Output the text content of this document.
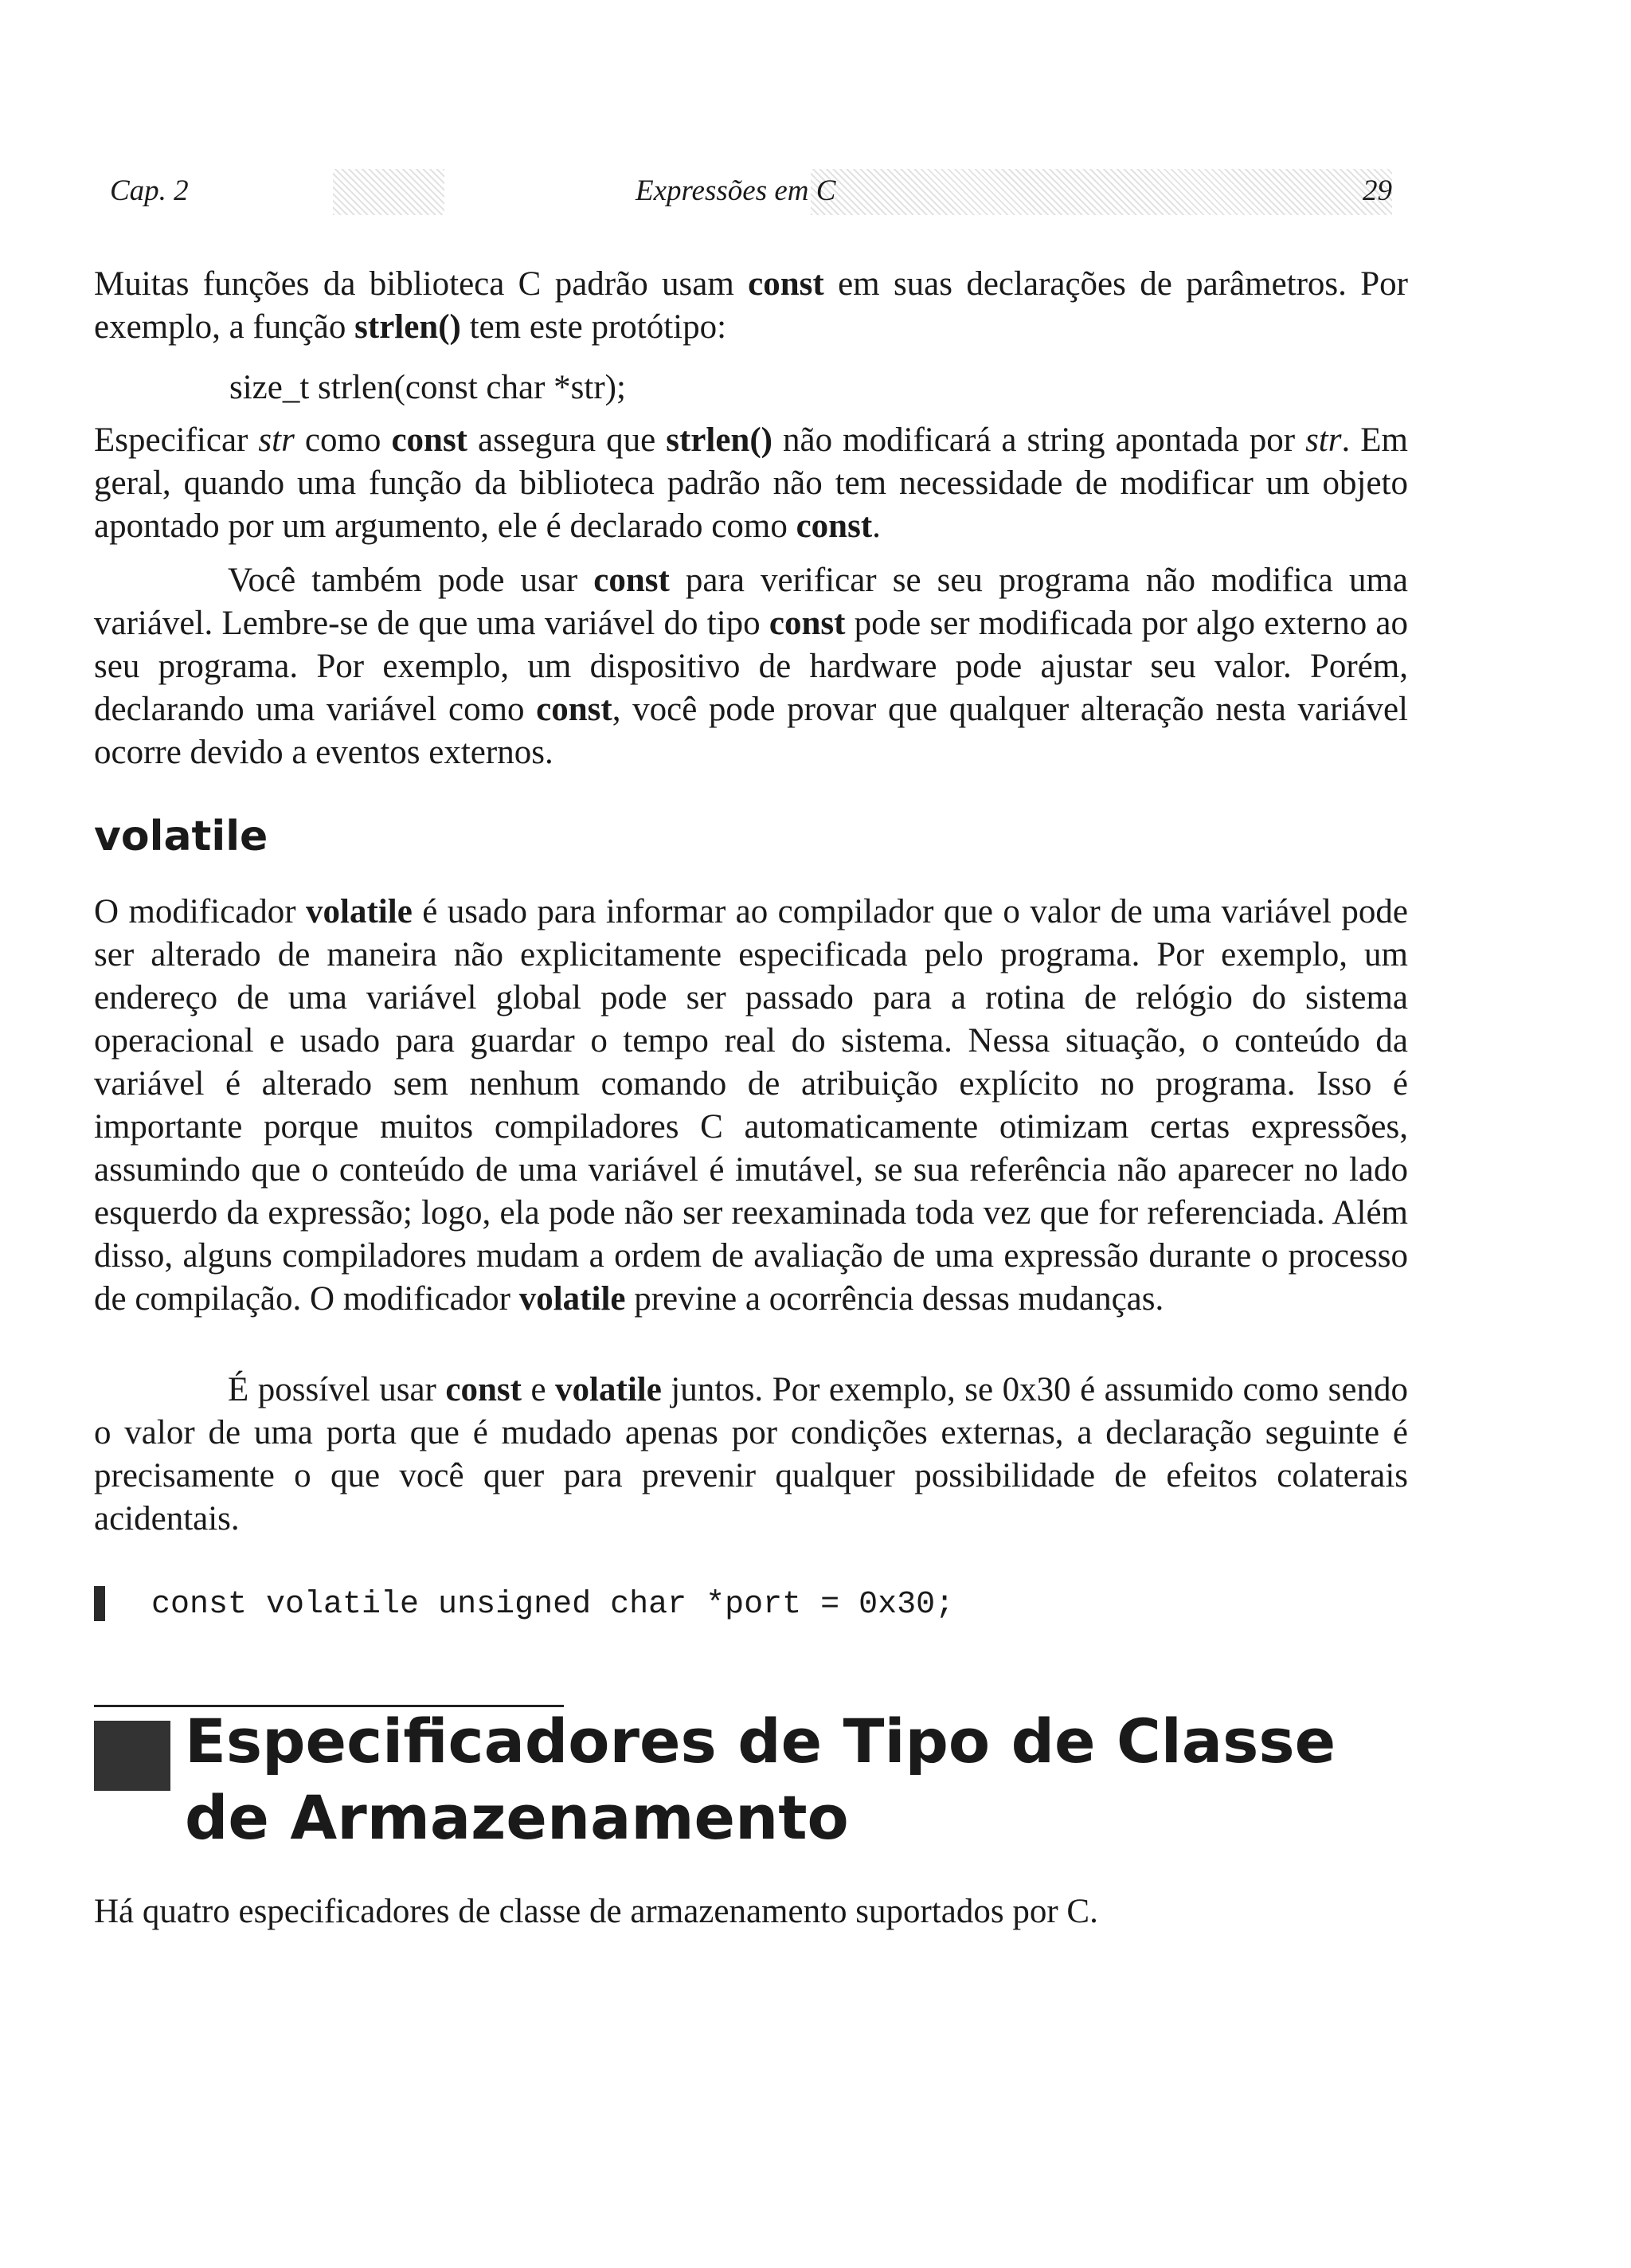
Cap. 2	Expressões em C	29

Muitas funções da biblioteca C padrão usam const em suas declarações de parâmetros. Por exemplo, a função strlen() tem este protótipo:

size_t strlen(const char *str);

Especificar str como const assegura que strlen() não modificará a string apontada por str. Em geral, quando uma função da biblioteca padrão não tem necessidade de modificar um objeto apontado por um argumento, ele é declarado como const.

Você também pode usar const para verificar se seu programa não modifica uma variável. Lembre-se de que uma variável do tipo const pode ser modificada por algo externo ao seu programa. Por exemplo, um dispositivo de hardware pode ajustar seu valor. Porém, declarando uma variável como const, você pode provar que qualquer alteração nesta variável ocorre devido a eventos externos.

volatile

O modificador volatile é usado para informar ao compilador que o valor de uma variável pode ser alterado de maneira não explicitamente especificada pelo programa. Por exemplo, um endereço de uma variável global pode ser passado para a rotina de relógio do sistema operacional e usado para guardar o tempo real do sistema. Nessa situação, o conteúdo da variável é alterado sem nenhum comando de atribuição explícito no programa. Isso é importante porque muitos compiladores C automaticamente otimizam certas expressões, assumindo que o conteúdo de uma variável é imutável, se sua referência não aparecer no lado esquerdo da expressão; logo, ela pode não ser reexaminada toda vez que for referenciada. Além disso, alguns compiladores mudam a ordem de avaliação de uma expressão durante o processo de compilação. O modificador volatile previne a ocorrência dessas mudanças.

É possível usar const e volatile juntos. Por exemplo, se 0x30 é assumido como sendo o valor de uma porta que é mudado apenas por condições externas, a declaração seguinte é precisamente o que você quer para prevenir qualquer possibilidade de efeitos colaterais acidentais.

const volatile unsigned char *port = 0x30;
Especificadores de Tipo de Classe de Armazenamento

Há quatro especificadores de classe de armazenamento suportados por C.
